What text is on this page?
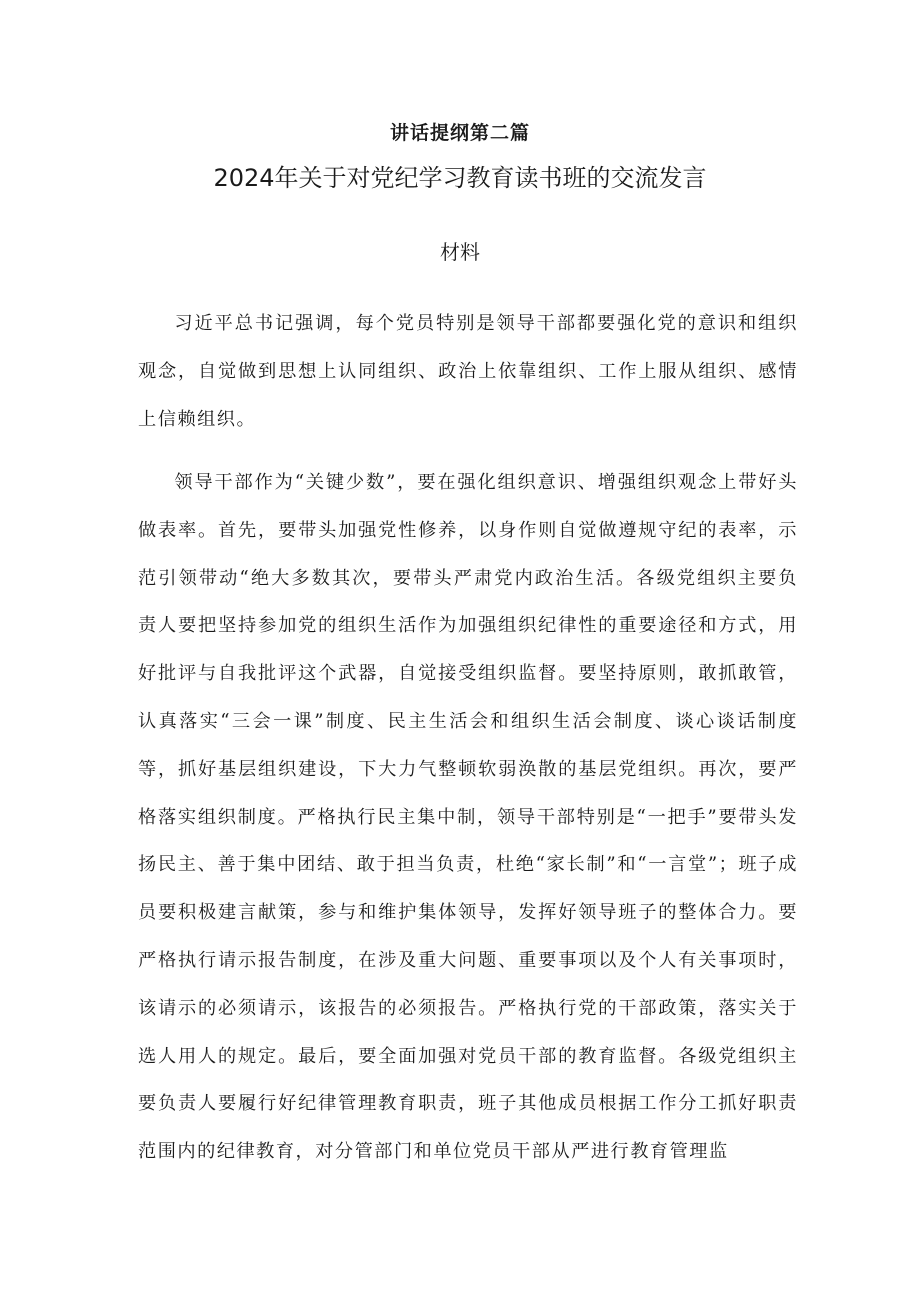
讲话提纲第二篇
2024年关于对党纪学习教育读书班的交流发言
材料

习近平总书记强调，每个党员特别是领导干部都要强化党的意识和组织观念，自觉做到思想上认同组织、政治上依靠组织、工作上服从组织、感情上信赖组织。

领导干部作为“关键少数”，要在强化组织意识、增强组织观念上带好头做表率。首先，要带头加强党性修养，以身作则自觉做遵规守纪的表率，示范引领带动“绝大多数其次，要带头严肃党内政治生活。各级党组织主要负责人要把坚持参加党的组织生活作为加强组织纪律性的重要途径和方式，用好批评与自我批评这个武器，自觉接受组织监督。要坚持原则，敢抓敢管，认真落实“三会一课”制度、民主生活会和组织生活会制度、谈心谈话制度等，抓好基层组织建设，下大力气整顿软弱涣散的基层党组织。再次，要严格落实组织制度。严格执行民主集中制，领导干部特别是“一把手”要带头发扬民主、善于集中团结、敢于担当负责，杜绝“家长制”和“一言堂”；班子成员要积极建言献策，参与和维护集体领导，发挥好领导班子的整体合力。要严格执行请示报告制度，在涉及重大问题、重要事项以及个人有关事项时，该请示的必须请示，该报告的必须报告。严格执行党的干部政策，落实关于选人用人的规定。最后，要全面加强对党员干部的教育监督。各级党组织主要负责人要履行好纪律管理教育职责，班子其他成员根据工作分工抓好职责范围内的纪律教育，对分管部门和单位党员干部从严进行教育管理监
